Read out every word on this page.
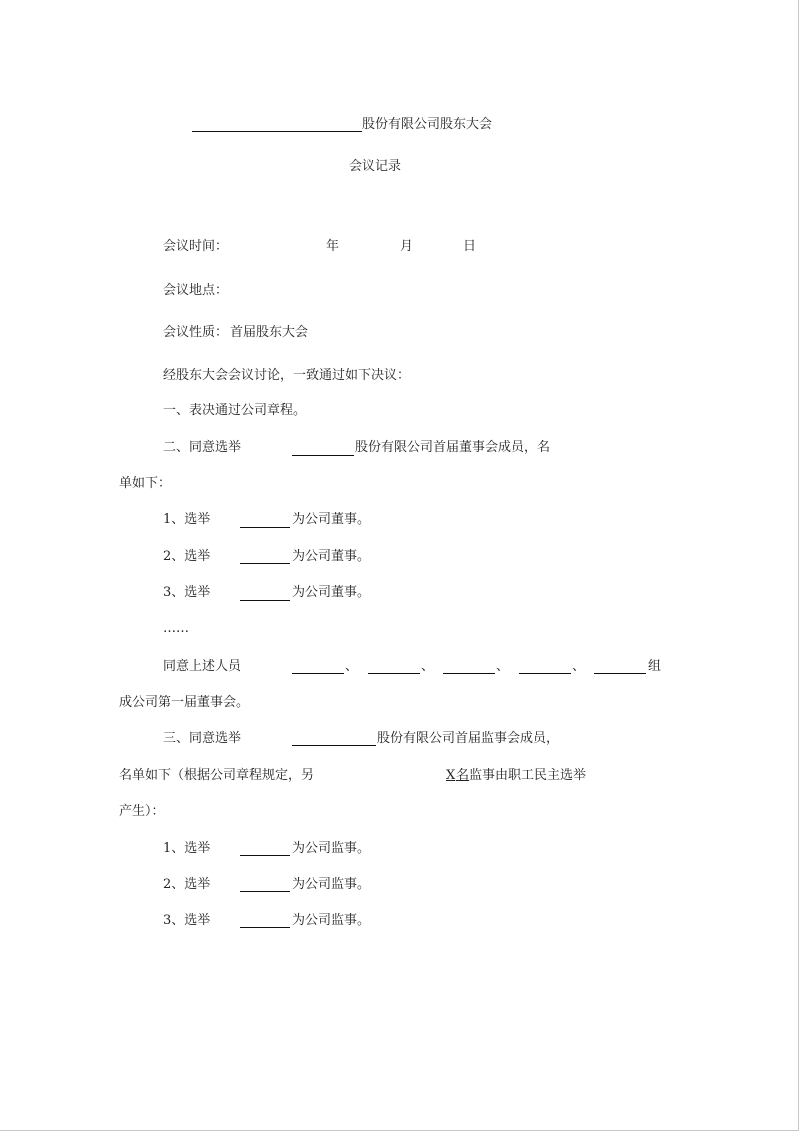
股份有限公司股东大会
会议记录
会议时间：	年	月	日
会议地点：
会议性质： 首届股东大会
经股东大会会议讨论，一致通过如下决议：
一、表决通过公司章程。
二、同意选举	股份有限公司首届董事会成员，名
单如下：
1、选举	为公司董事。
2、选举	为公司董事。
3、选举	为公司董事。
……
同意上述人员	、	、	、	、	组
成公司第一届董事会。
三、同意选举	股份有限公司首届监事会成员，
名单如下（根据公司章程规定，另	X 名 监事由职工民主选举
产生）：
1、选举	为公司监事。
2、选举	为公司监事。
3、选举	为公司监事。
